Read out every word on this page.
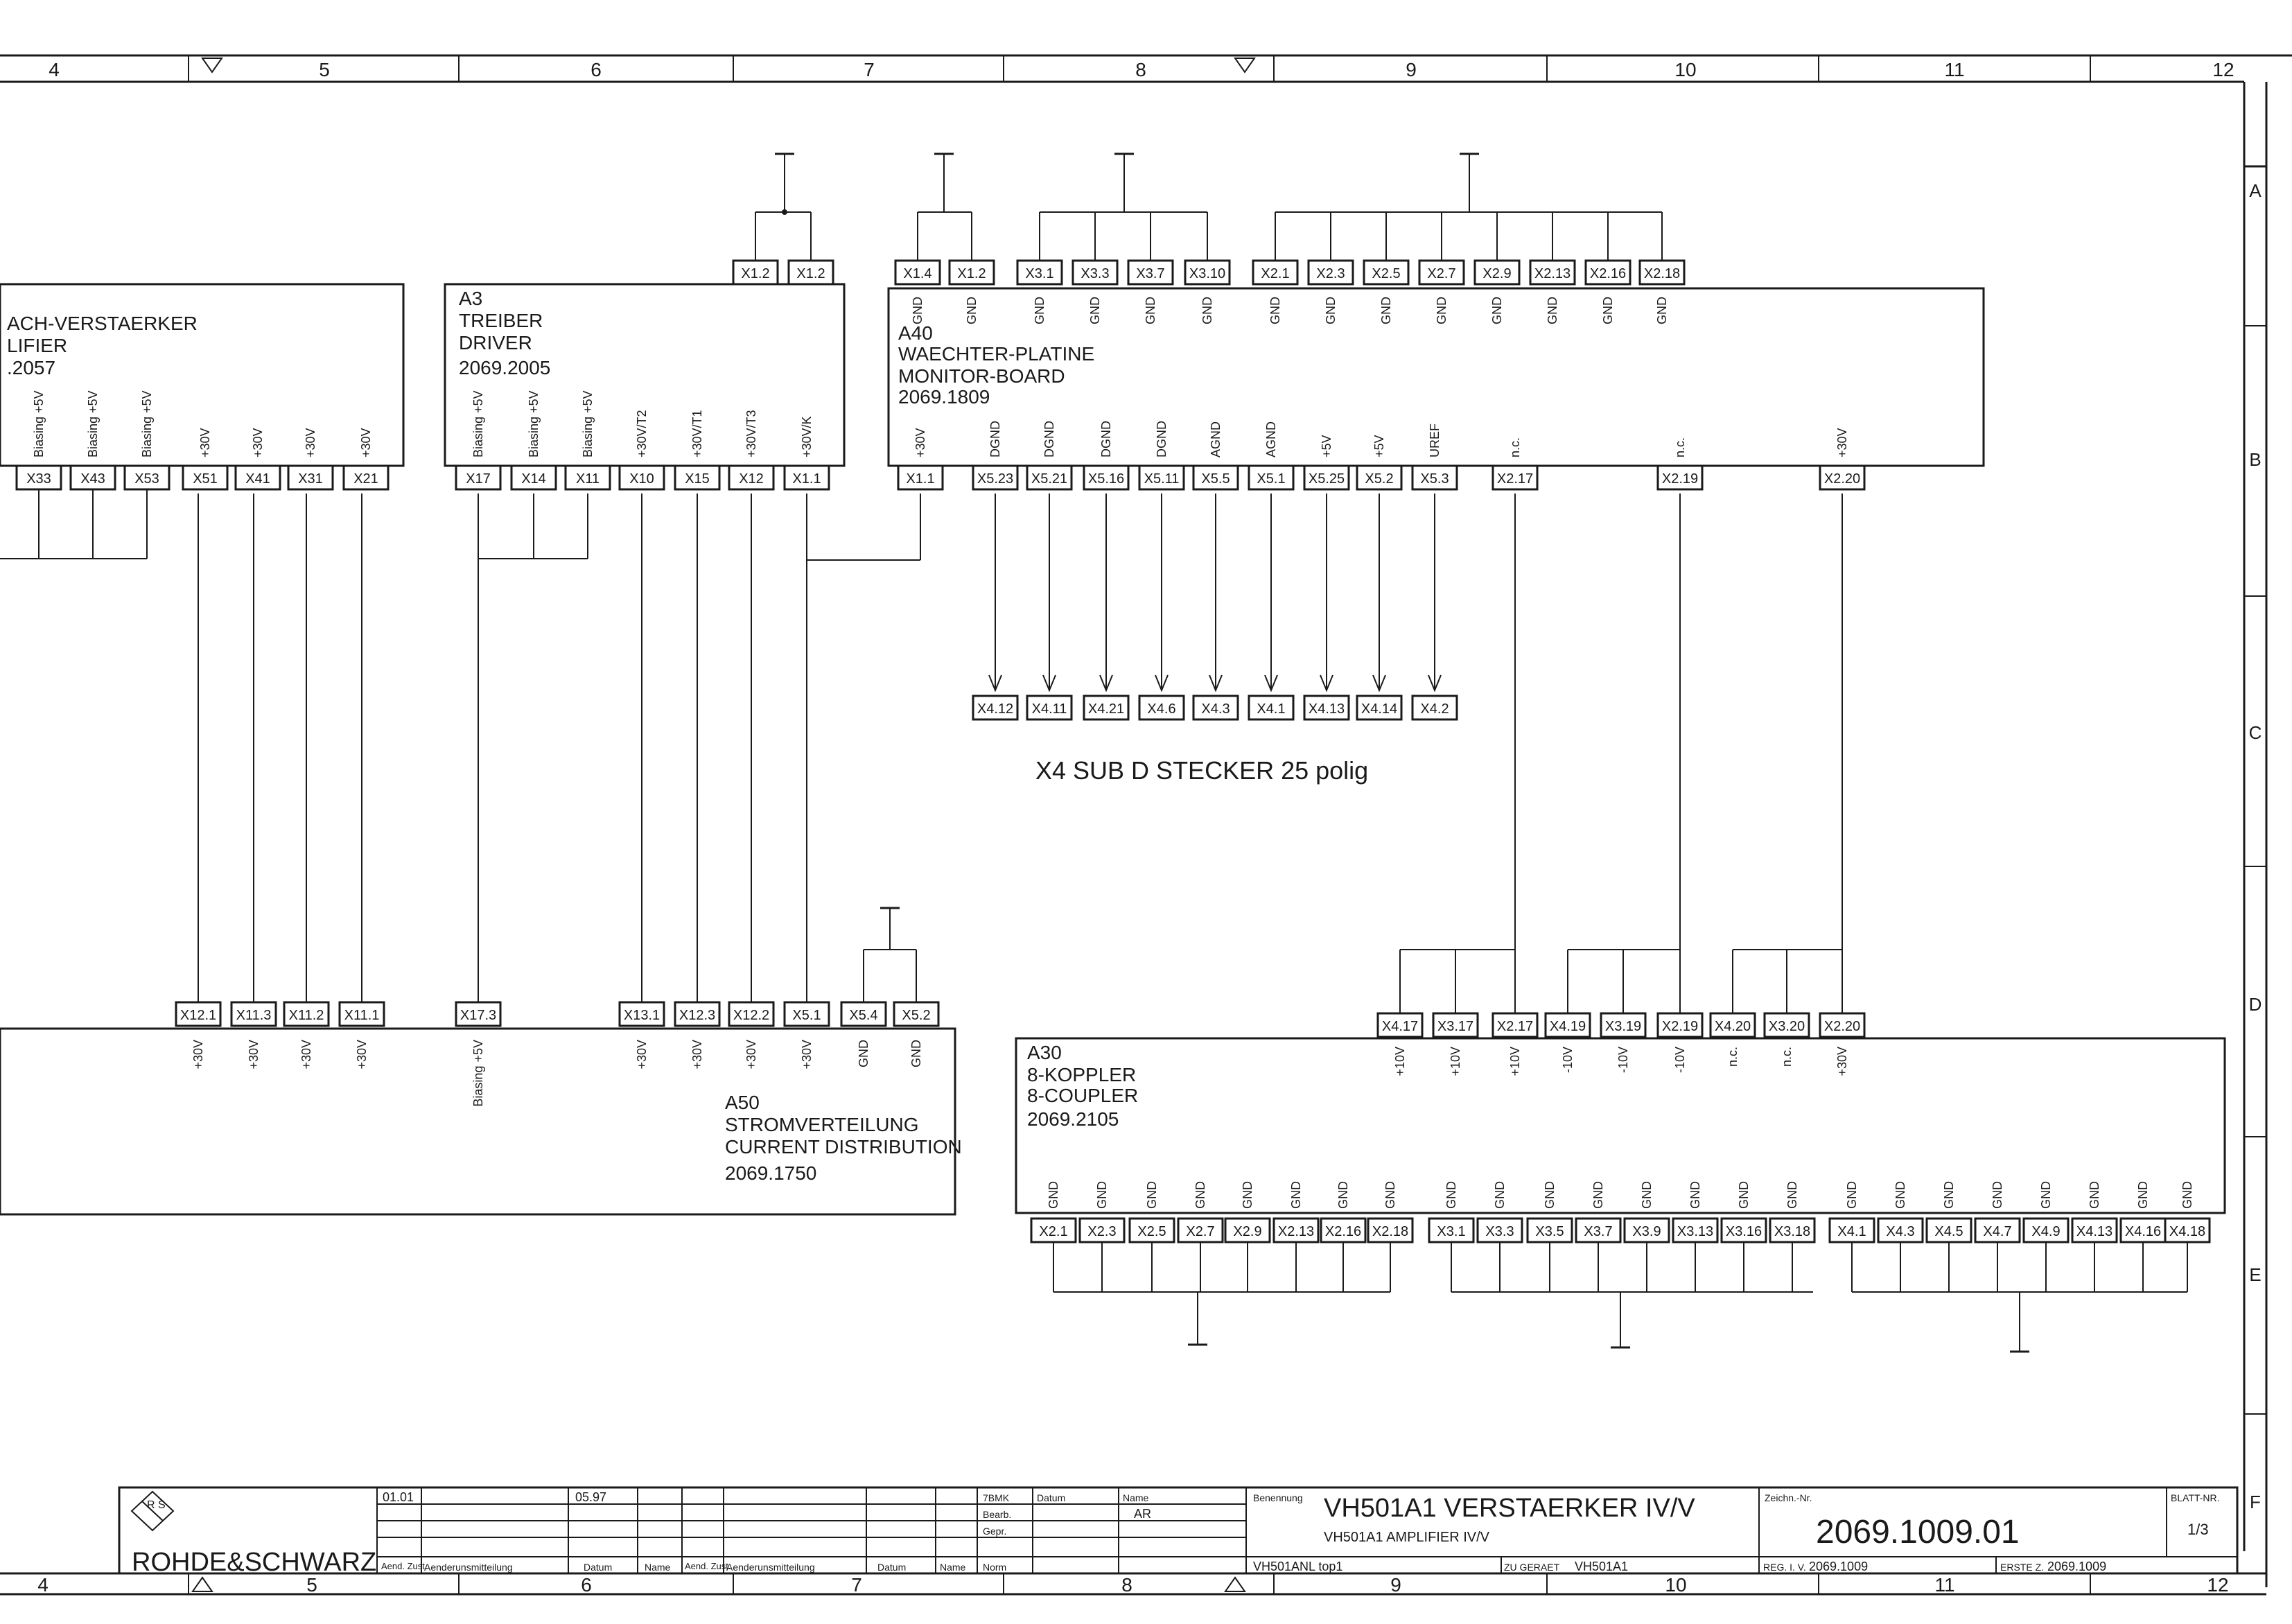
4	5	6	7	8	9	10	11	12
4	5	6	7	8	9	10	11	12
A
B
C
D
E
F
ACH-VERSTAERKER
LIFIER
.2057
A3
TREIBER
DRIVER
2069.2005
A40
WAECHTER-PLATINE
MONITOR-BOARD
2069.1809
A50
STROMVERTEILUNG
CURRENT DISTRIBUTION
2069.1750
A30
8-KOPPLER
8-COUPLER
2069.2105
X4 SUB D STECKER 25 polig
X33
Biasing +5V
X43
Biasing +5V
X53
Biasing +5V
X51
+30V
X41
+30V
X31
+30V
X21
+30V
X1.2 X1.2
X17
Biasing +5V
X14
Biasing +5V
X11
Biasing +5V
X10
+30V/T2
X15
+30V/T1
X12
+30V/T3
X1.1
+30V/K
X1.4
GND
X1.2
GND
X3.1
GND
X3.3
GND
X3.7
GND
X3.10
GND
X2.1
GND
X2.3
GND
X2.5
GND
X2.7
GND
X2.9
GND
X2.13
GND
X2.16
GND
X2.18
GND
X1.1
+30V
X5.23
DGND
X5.21
DGND
X5.16
DGND
X5.11
DGND
X5.5
AGND
X5.1
AGND
X5.25
+5V
X5.2
+5V
X5.3
UREF
X2.17
n.c.
X2.19
n.c.
X2.20
+30V
X4.12 X4.11 X4.21 X4.6 X4.3 X4.1 X4.13 X4.14 X4.2
X12.1
+30V
X11.3
+30V
X11.2
+30V
X11.1
+30V
X17.3
Biasing +5V
X13.1
+30V
X12.3
+30V
X12.2
+30V
X5.1
+30V
X5.4
GND
X5.2
GND
X4.17
+10V
X3.17
+10V
X2.17
+10V
X4.19
-10V
X3.19
-10V
X2.19
-10V
X4.20
n.c.
X3.20
n.c.
X2.20
+30V
X2.1
GND
X2.3
GND
X2.5
GND
X2.7
GND
X2.9
GND
X2.13
GND
X2.16
GND
X2.18
GND
X3.1
GND
X3.3
GND
X3.5
GND
X3.7
GND
X3.9
GND
X3.13
GND
X3.16
GND
X3.18
GND
X4.1
GND
X4.3
GND
X4.5
GND
X4.7
GND
X4.9
GND
X4.13
GND
X4.16
GND
X4.18
GND
R S
ROHDE&SCHWARZ
01.01	05.97
Aend. Zust.
Aenderunsmitteilung	Datum	Name Aend. Zust.
Aenderunsmitteilung	Datum	Name
7BMK
Bearb.
Gepr.
Norm
Datum	Name
AR
Benennung VH501A1 VERSTAERKER IV/V
VH501A1 AMPLIFIER IV/V
VH501ANL top1	ZU GERAET VH501A1
Zeichn.-Nr.
2069.1009.01
BLATT-NR.
1/3
REG. I. V. 2069.1009	ERSTE Z. 2069.1009
